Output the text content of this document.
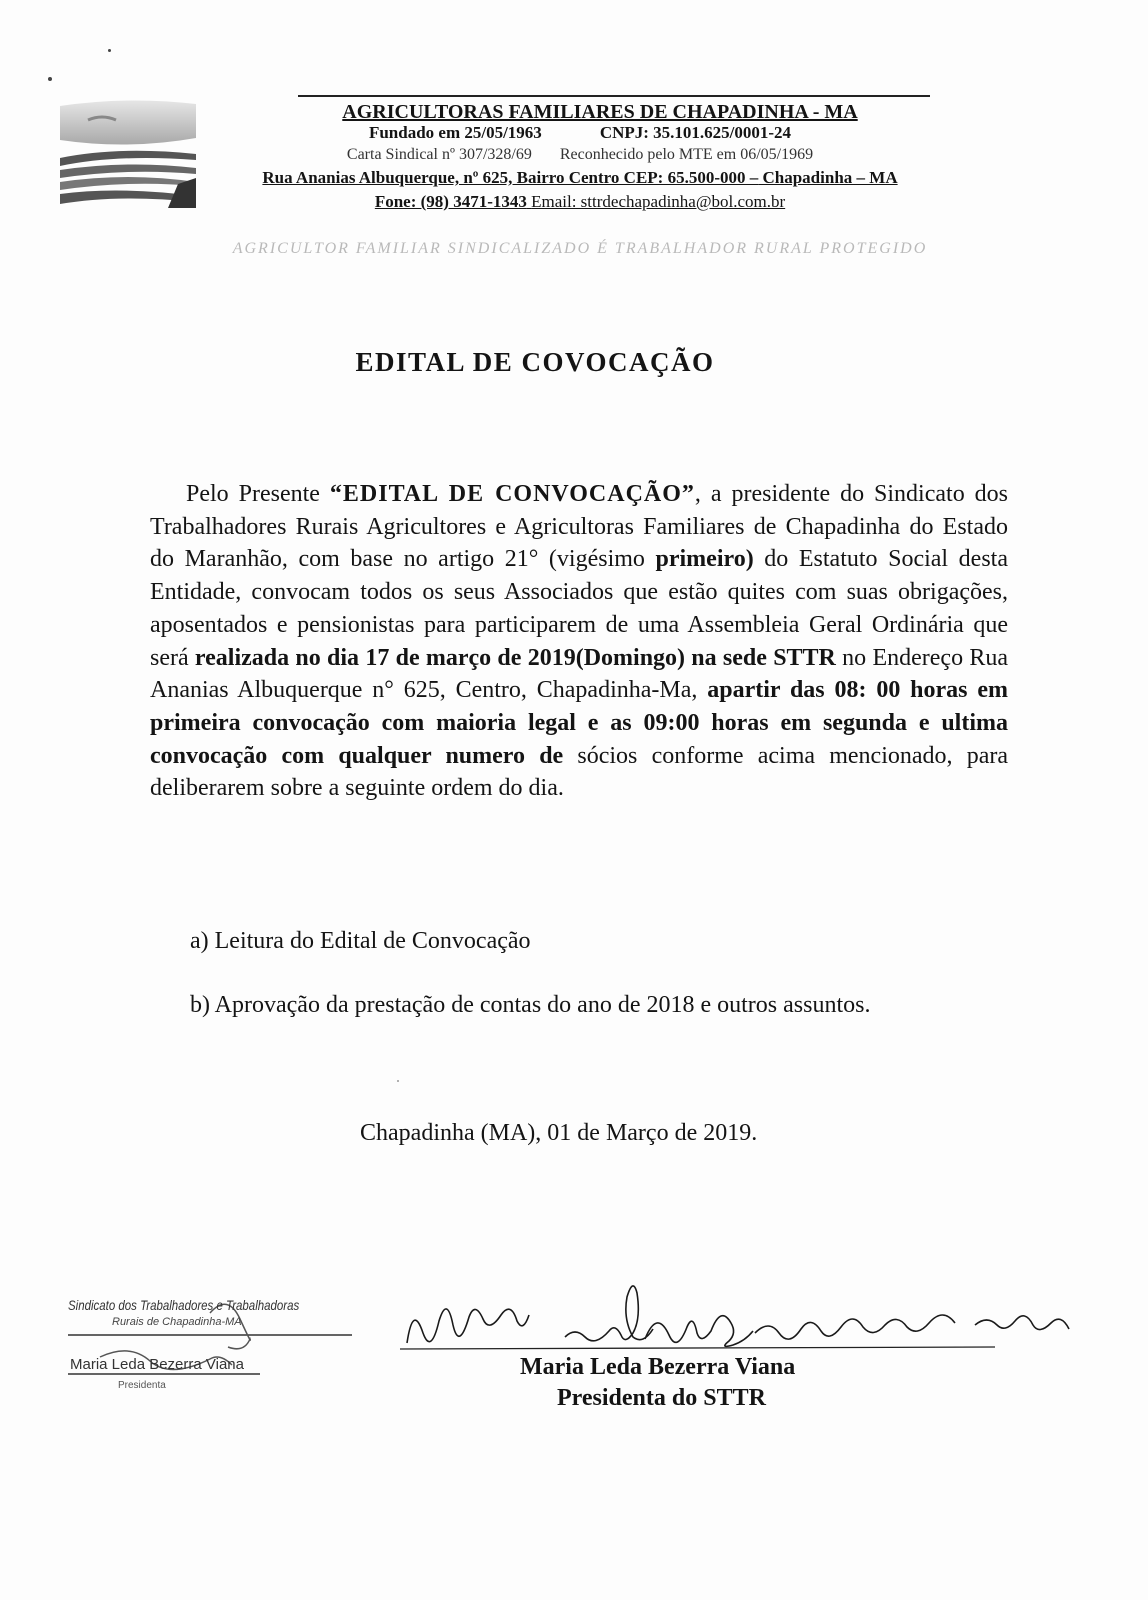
AGRICULTORAS FAMILIARES DE CHAPADINHA - MA
Fundado em 25/05/1963	CNPJ: 35.101.625/0001-24
Carta Sindical nº 307/328/69 Reconhecido pelo MTE em 06/05/1969
Rua Ananias Albuquerque, nº 625, Bairro Centro CEP: 65.500-000 – Chapadinha – MA
Fone: (98) 3471-1343 Email: sttrdechapadinha@bol.com.br
AGRICULTOR FAMILIAR SINDICALIZADO É TRABALHADOR RURAL PROTEGIDO
EDITAL DE COVOCAÇÃO

Pelo Presente “EDITAL DE CONVOCAÇÃO”, a presidente do Sindicato dos Trabalhadores Rurais Agricultores e Agricultoras Familiares de Chapadinha do Estado do Maranhão, com base no artigo 21° (vigésimo primeiro) do Estatuto Social desta Entidade, convocam todos os seus Associados que estão quites com suas obrigações, aposentados e pensionistas para participarem de uma Assembleia Geral Ordinária que será realizada no dia 17 de março de 2019(Domingo) na sede STTR no Endereço Rua Ananias Albuquerque n° 625, Centro, Chapadinha-Ma, apartir das 08: 00 horas em primeira convocação com maioria legal e as 09:00 horas em segunda e ultima convocação com qualquer numero de sócios conforme acima mencionado, para deliberarem sobre a seguinte ordem do dia.

a) Leitura do Edital de Convocação
b) Aprovação da prestação de contas do ano de 2018 e outros assuntos.
Chapadinha (MA), 01 de Março de 2019.
Sindicato dos Trabalhadores e Trabalhadoras
Rurais de Chapadinha-MA
Maria Leda Bezerra Viana
Presidenta
Maria Leda Bezerra Viana
Presidenta do STTR
